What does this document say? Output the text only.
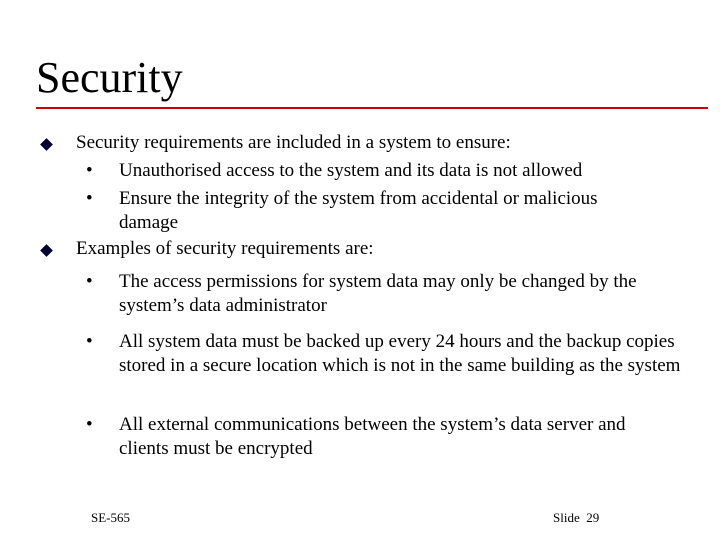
Security
Security requirements are included in a system to ensure:
• Unauthorised access to the system and its data is not allowed
• Ensure the integrity of the system from accidental or malicious damage
Examples of security requirements are:
• The access permissions for system data may only be changed by the system’s data administrator
• All system data must be backed up every 24 hours and the backup copies stored in a secure location which is not in the same building as the system
• All external communications between the system’s data server and clients must be encrypted
SE-565	Slide 29
